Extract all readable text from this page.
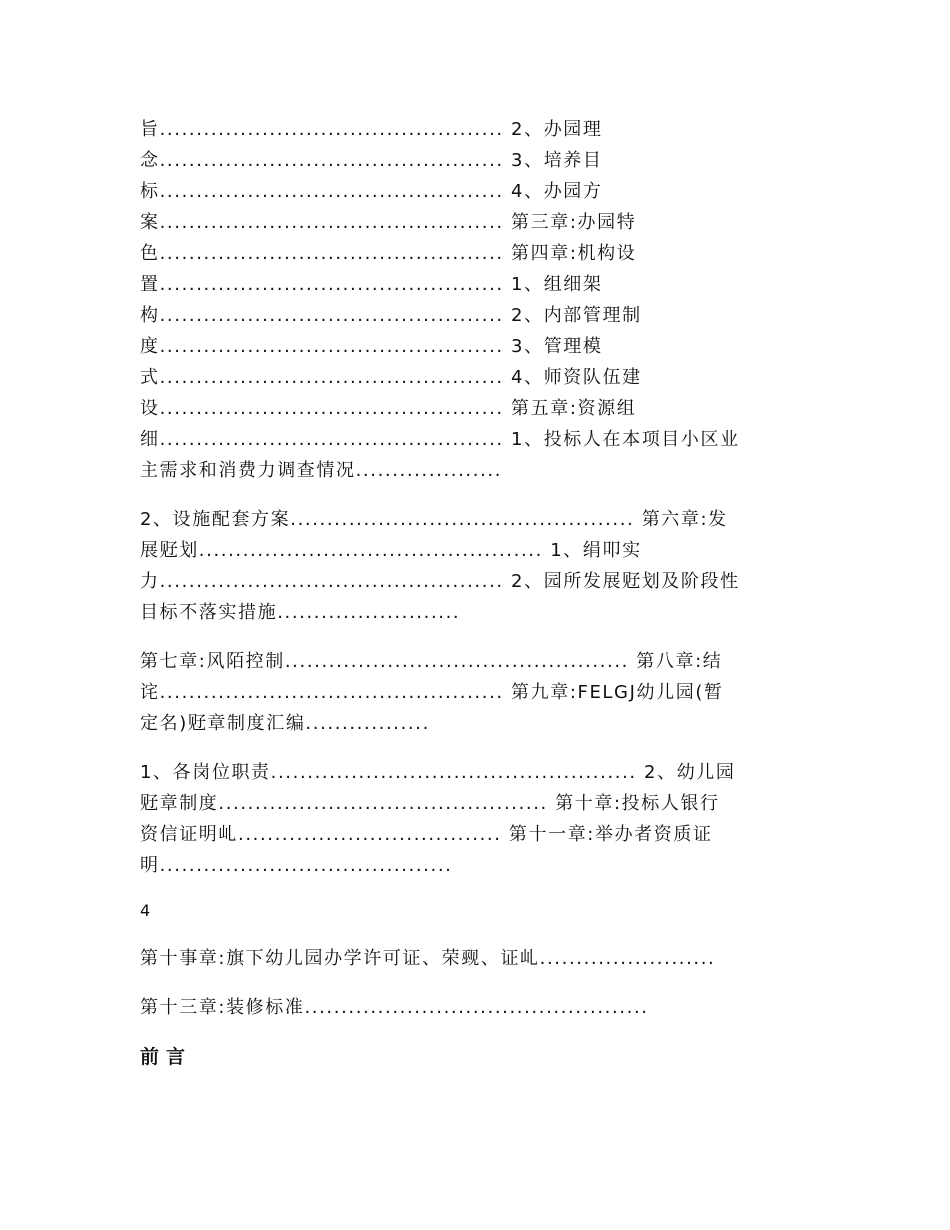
旨............................................... 2、办园理
念............................................... 3、培养目
标............................................... 4、办园方
案............................................... 第三章:办园特
色............................................... 第四章:机构设
置............................................... 1、组细架
构............................................... 2、内部管理制
度............................................... 3、管理模
式............................................... 4、师资队伍建
设............................................... 第五章:资源组
细............................................... 1、投标人在本项目小区业
主需求和消费力调查情况....................
2、设施配套方案............................................... 第六章:发
展觃划............................................... 1、绢叩实
力............................................... 2、园所发展觃划及阶段性
目标不落实措施.........................
第七章:风陌控制............................................... 第八章:结
诧............................................... 第九章:FELGJ幼儿园(暂
定名)觃章制度汇编.................
1、各岗位职责.................................................. 2、幼儿园
觃章制度............................................. 第十章:投标人银行
资信证明乢.................................... 第十一章:举办者资质证
明........................................
4
第十事章:旗下幼儿园办学许可证、荣觋、证乢........................
第十三章:装修标准...............................................
前言
